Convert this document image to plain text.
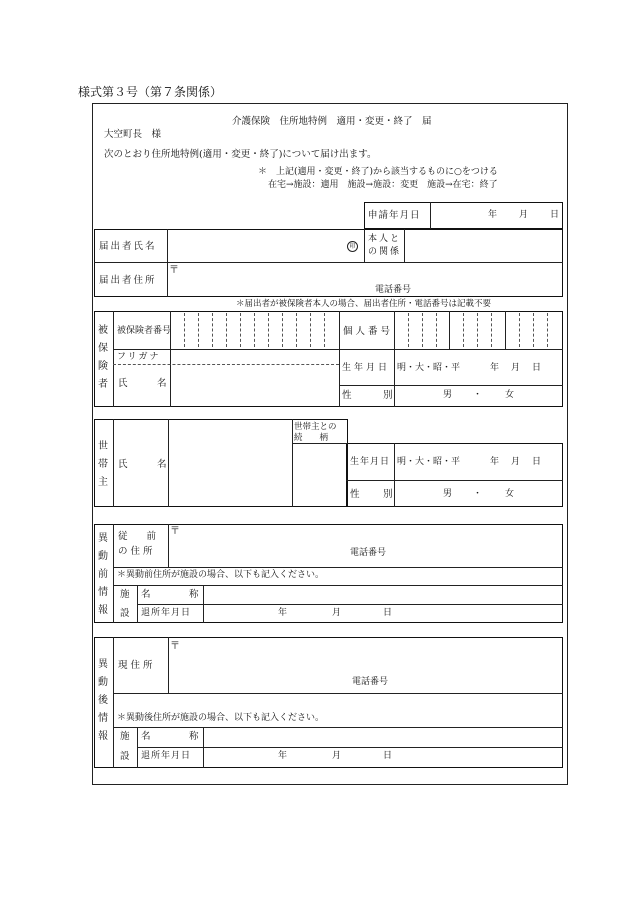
様式第３号（第７条関係）
介護保険　住所地特例　適用・変更・終了　届
大空町長　様
次のとおり住所地特例(適用・変更・終了)について届け出ます。
＊　上記(適用・変更・終了)から該当するものに○をつける
在宅→施設：適用　施設→施設：変更　施設→在宅：終了
申請年月日	年 月 日
届出者氏名	印
本人と
の関係
届出者住所
〒
電話番号
＊届出者が被保険者本人の場合、届出者住所・電話番号は記載不要
被
保
険
者
被保険者番号	個人番号
フリガナ
氏	名
生年月日 明・大・昭・平	年 月 日
性	別	男 ・	女
世
帯
主
氏	名
世帯主との
続　　柄
生年月日 明・大・昭・平	年 月 日
性 別	男 ・	女
異
動
前
情
報
従　　前
の 住 所
〒
電話番号
＊異動前住所が施設の場合、以下も記入ください。
施
設
名	称
退所年月日	年	月	日
異
動
後
情
報
現 住 所
〒
電話番号
＊異動後住所が施設の場合、以下も記入ください。
施
設
名	称
退所年月日	年	月	日
